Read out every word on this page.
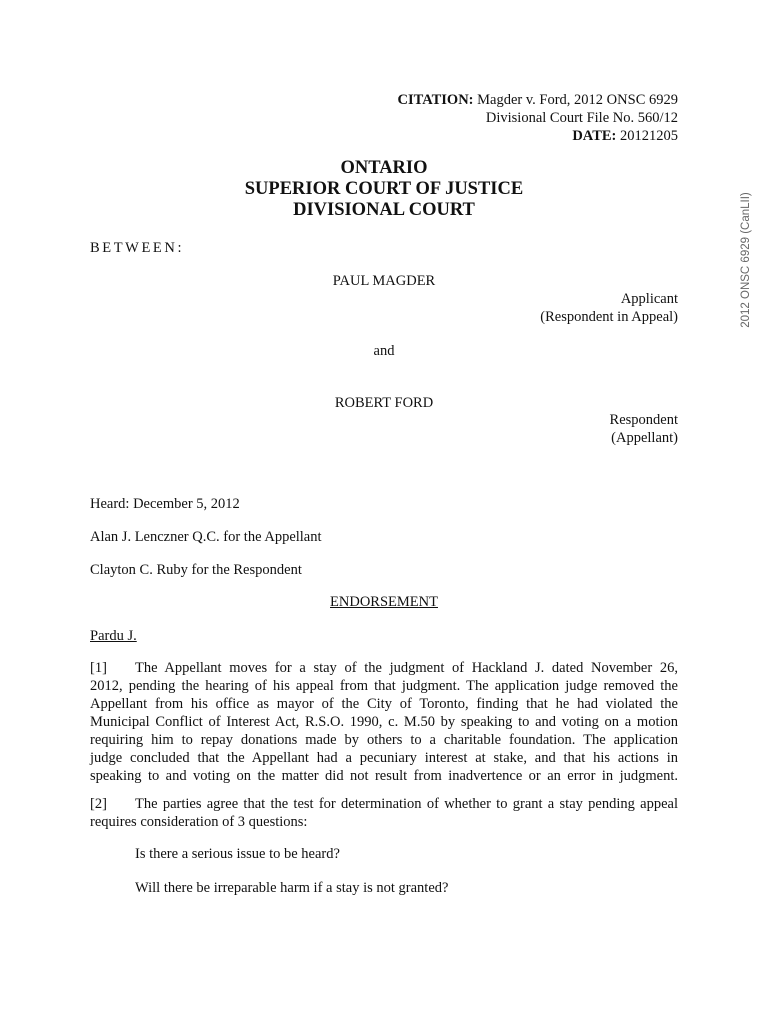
CITATION: Magder v. Ford, 2012 ONSC 6929
Divisional Court File No. 560/12
DATE: 20121205
ONTARIO
SUPERIOR COURT OF JUSTICE
DIVISIONAL COURT	2012 ONSC 6929 (CanLII)
BETWEEN:
PAUL MAGDER
Applicant
(Respondent in Appeal)
and
ROBERT FORD
Respondent
(Appellant)
Heard: December 5, 2012
Alan J. Lenczner Q.C. for the Appellant
Clayton C. Ruby for the Respondent
ENDORSEMENT
Pardu J.
[1] The Appellant moves for a stay of the judgment of Hackland J. dated November 26,
2012, pending the hearing of his appeal from that judgment. The application judge removed the
Appellant from his office as mayor of the City of Toronto, finding that he had violated the
Municipal Conflict of Interest Act, R.S.O. 1990, c. M.50 by speaking to and voting on a motion
requiring him to repay donations made by others to a charitable foundation. The application
judge concluded that the Appellant had a pecuniary interest at stake, and that his actions in
speaking to and voting on the matter did not result from inadvertence or an error in judgment.
[2] The parties agree that the test for determination of whether to grant a stay pending appeal
requires consideration of 3 questions:
Is there a serious issue to be heard?
Will there be irreparable harm if a stay is not granted?
